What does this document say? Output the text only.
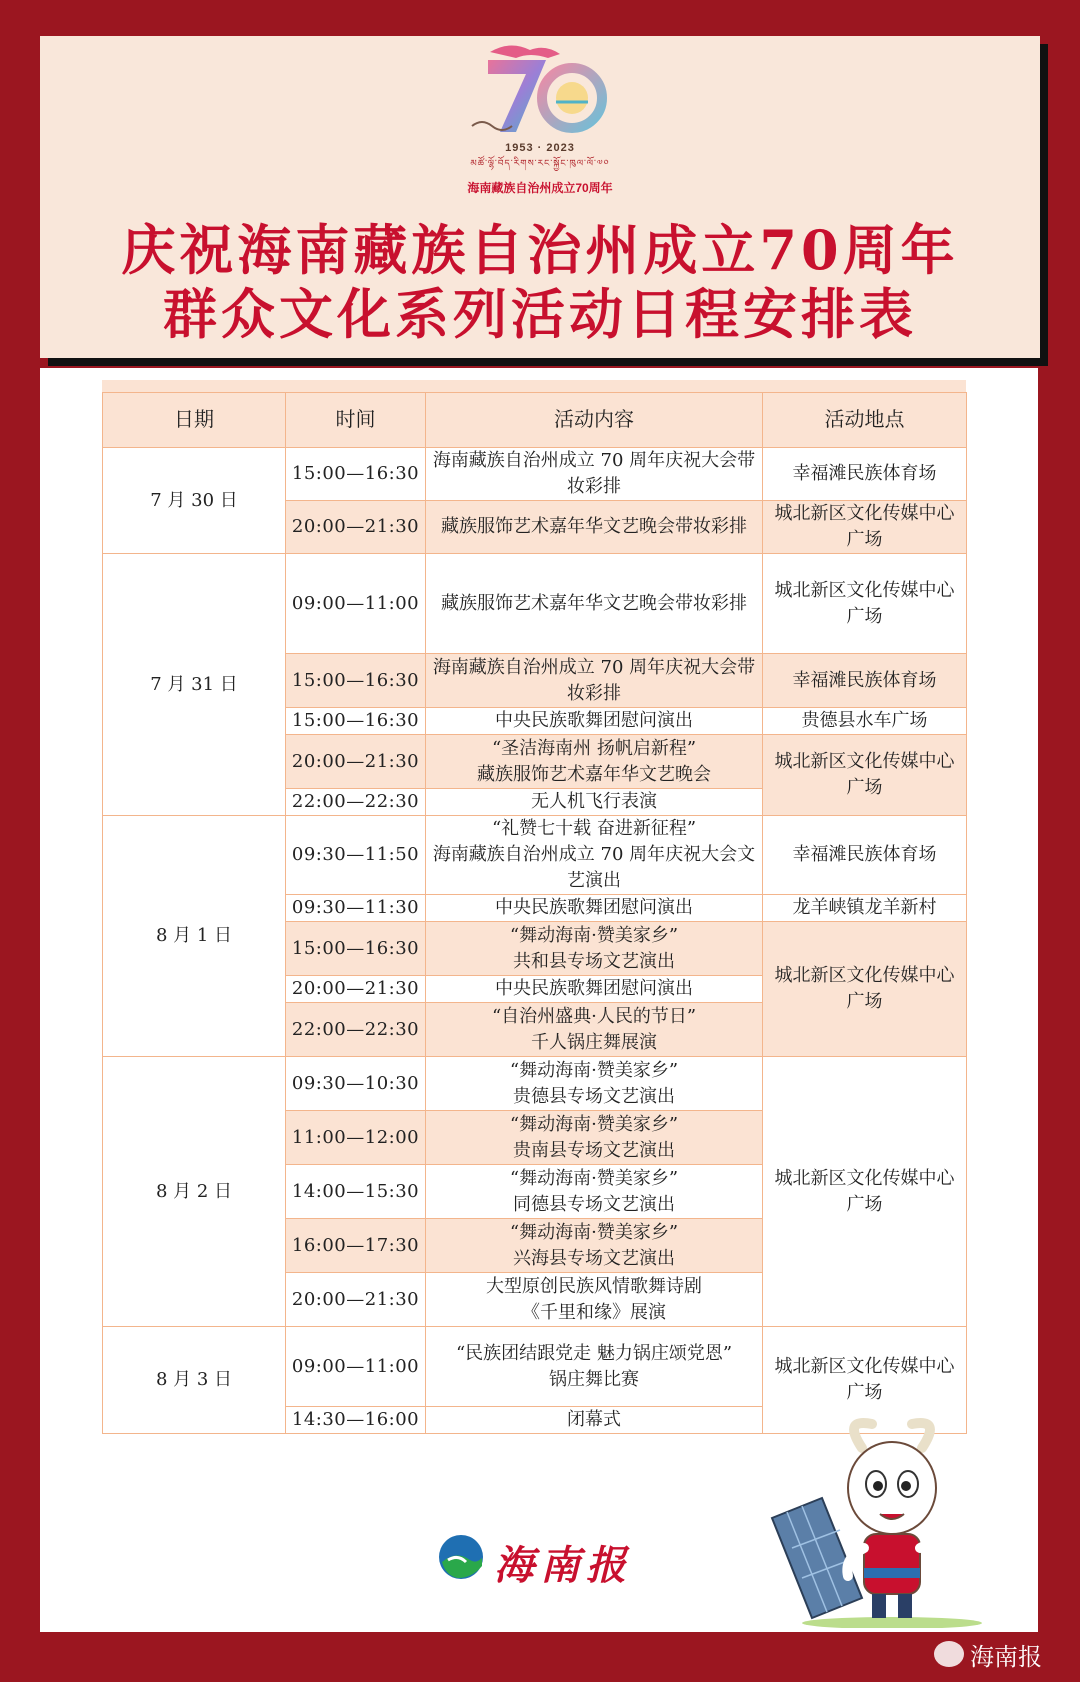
1953 · 2023
མཚོ་ལྷོ་བོད་རིགས་རང་སྐྱོང་ཁུལ་ལོ་༧༠
海南藏族自治州成立70周年
庆祝海南藏族自治州成立70周年
群众文化系列活动日程安排表
日期	时间	活动内容	活动地点
7 月 30 日	15:00—16:30	海南藏族自治州成立 70 周年庆祝大会带妆彩排	幸福滩民族体育场
	20:00—21:30	藏族服饰艺术嘉年华文艺晚会带妆彩排	城北新区文化传媒中心广场
7 月 31 日	09:00—11:00	藏族服饰艺术嘉年华文艺晚会带妆彩排	城北新区文化传媒中心广场
	15:00—16:30	海南藏族自治州成立 70 周年庆祝大会带妆彩排	幸福滩民族体育场
	15:00—16:30	中央民族歌舞团慰问演出	贵德县水车广场
	20:00—21:30	“圣洁海南州 扬帆启新程”
藏族服饰艺术嘉年华文艺晚会	城北新区文化传媒中心广场
	22:00—22:30	无人机飞行表演	
8 月 1 日	09:30—11:50	“礼赞七十载 奋进新征程”
海南藏族自治州成立 70 周年庆祝大会文艺演出	幸福滩民族体育场
	09:30—11:30	中央民族歌舞团慰问演出	龙羊峡镇龙羊新村
	15:00—16:30	“舞动海南·赞美家乡”
共和县专场文艺演出	城北新区文化传媒中心广场
	20:00—21:30	中央民族歌舞团慰问演出	
	22:00—22:30	“自治州盛典·人民的节日”
千人锅庄舞展演	

8 月 2 日	09:30—10:30	“舞动海南·赞美家乡”
贵德县专场文艺演出	城北新区文化传媒中心广场
	11:00—12:00	“舞动海南·赞美家乡”
贵南县专场文艺演出	

	14:00—15:30	“舞动海南·赞美家乡”
同德县专场文艺演出	

	16:00—17:30	“舞动海南·赞美家乡”
兴海县专场文艺演出	

	20:00—21:30	大型原创民族风情歌舞诗剧
《千里和缘》展演	

8 月 3 日	09:00—11:00	“民族团结跟党走 魅力锅庄颂党恩”
锅庄舞比赛	城北新区文化传媒中心广场
	14:30—16:00	闭幕式	
海南报
海南报
